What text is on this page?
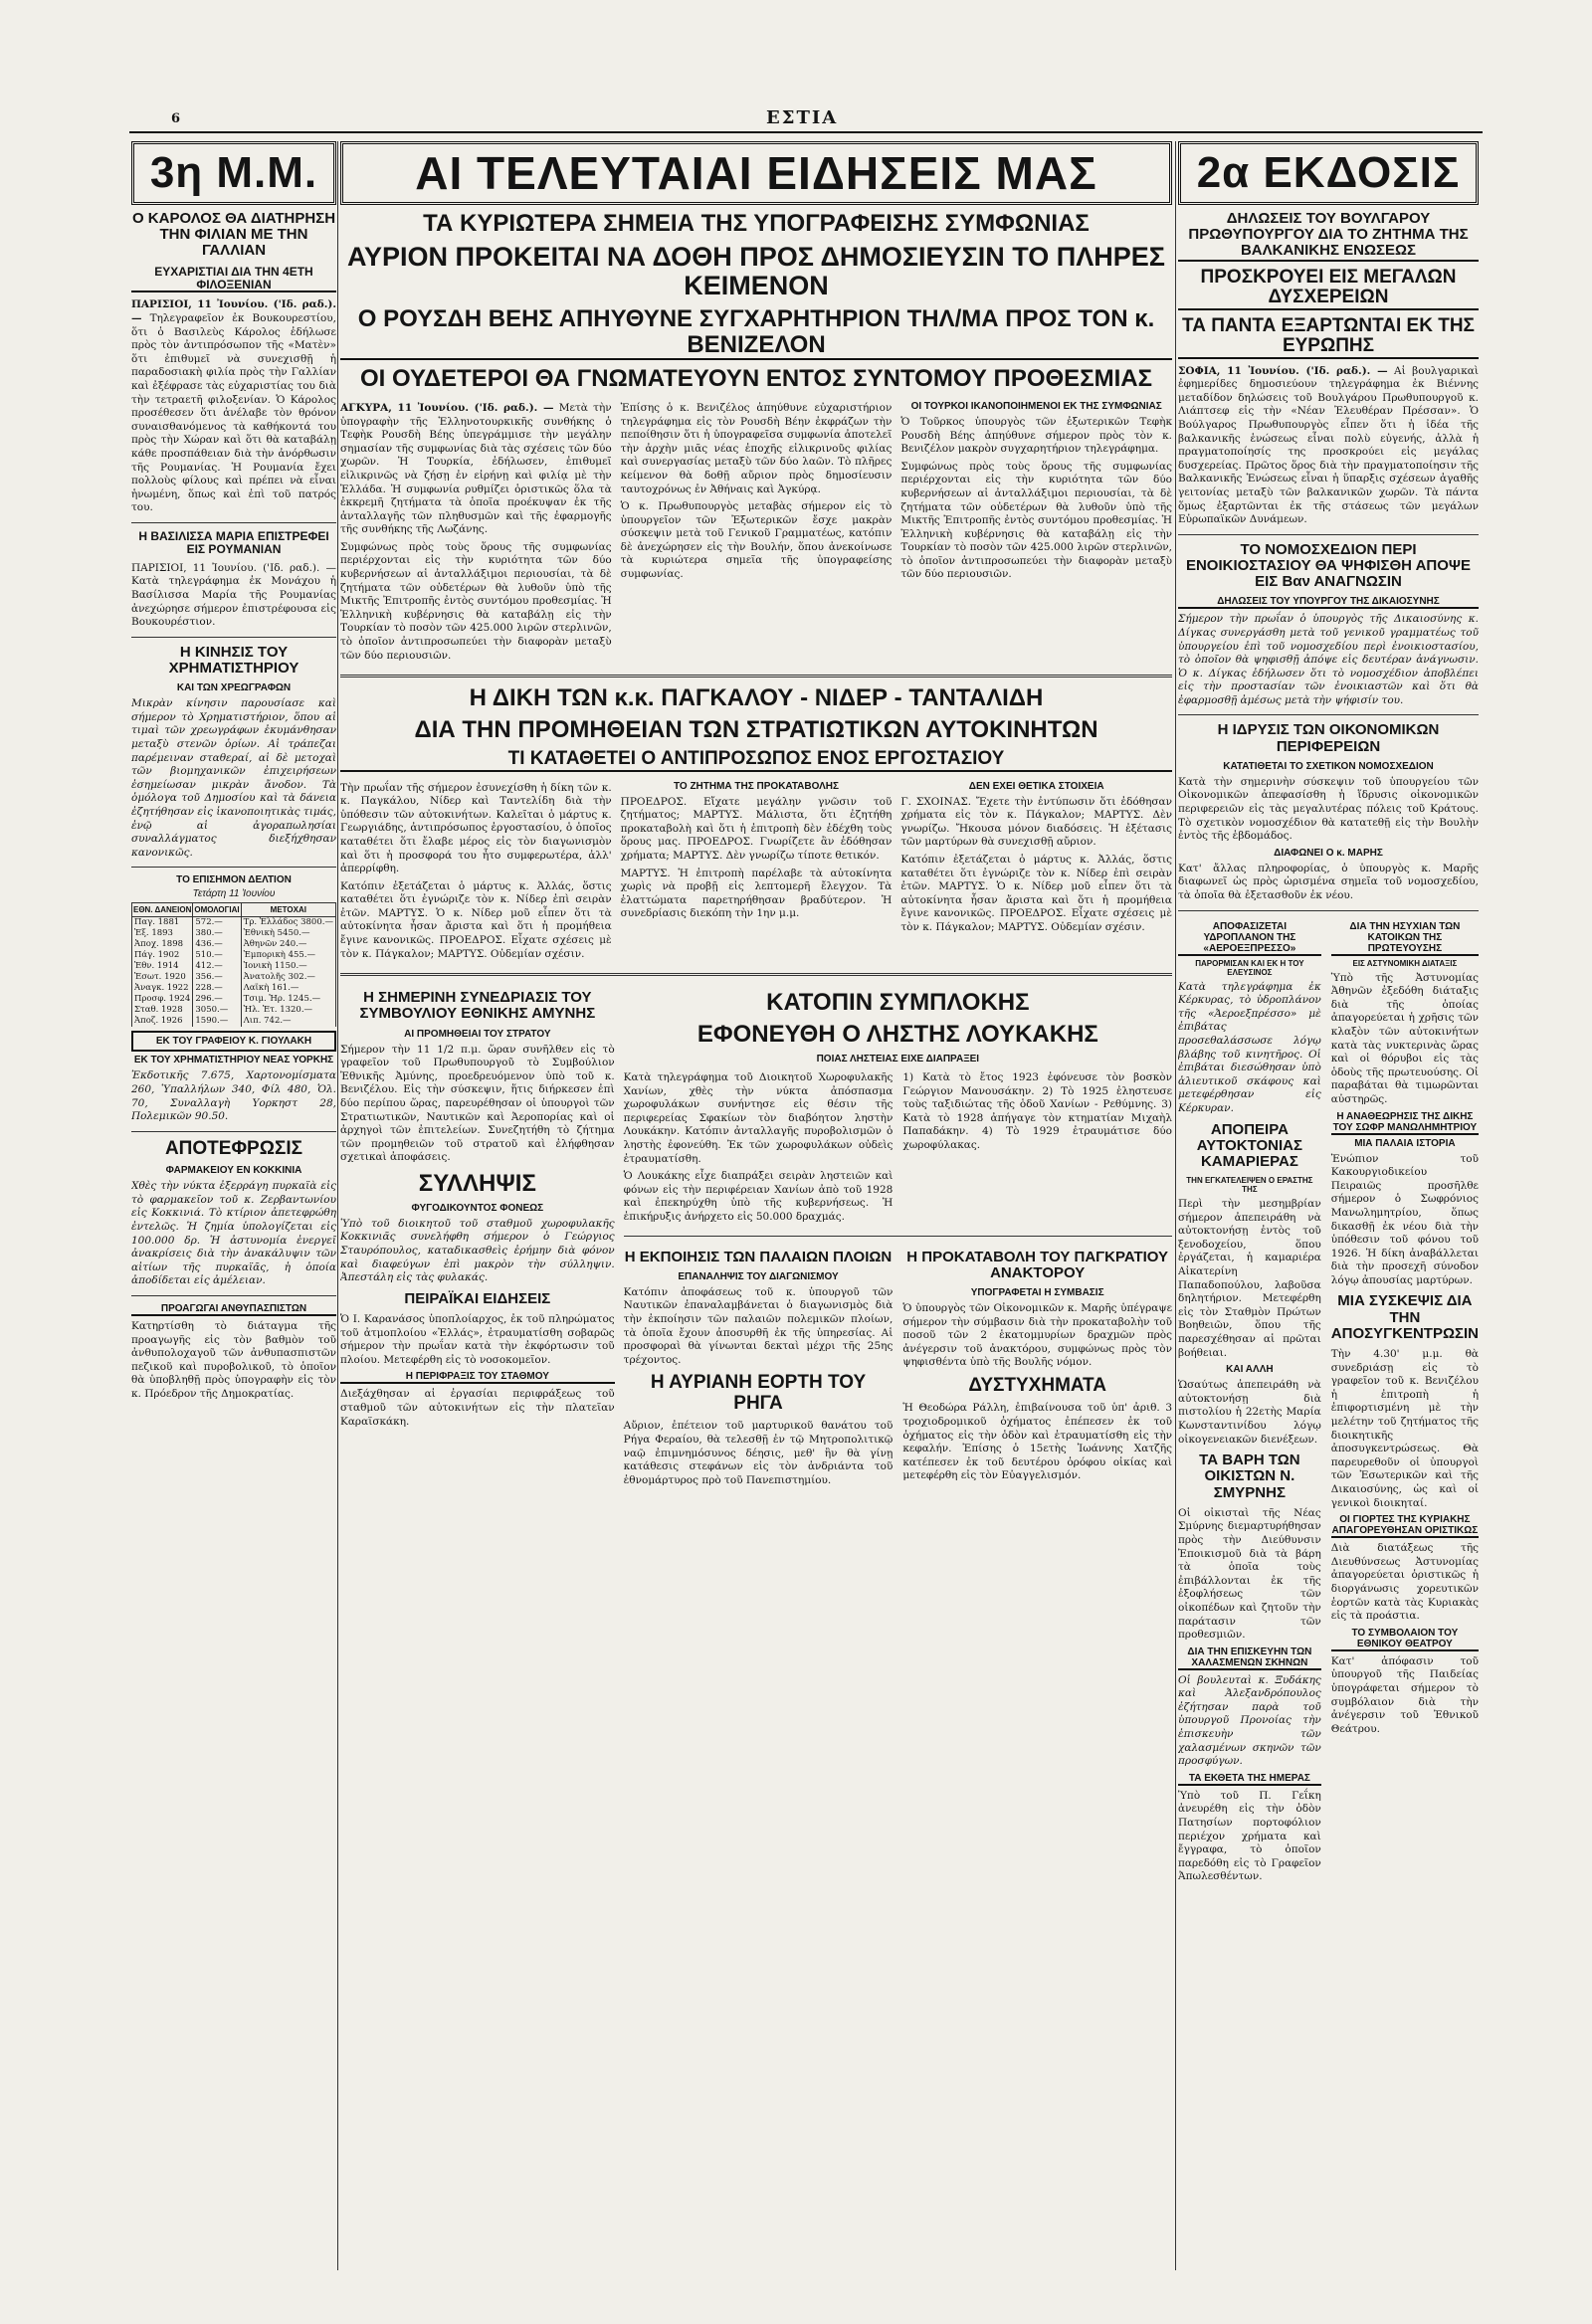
6	ΕΣΤΙΑ
3η Μ.Μ.
Ο ΚΑΡΟΛΟΣ ΘΑ ΔΙΑΤΗΡΗΣΗ ΤΗΝ ΦΙΛΙΑΝ ΜΕ ΤΗΝ ΓΑΛΛΙΑΝ
ΕΥΧΑΡΙΣΤΙΑΙ ΔΙΑ ΤΗΝ 4ΕΤΗ ΦΙΛΟΞΕΝΙΑΝ
ΠΑΡΙΣΙΟΙ, 11 Ἰουνίου. ('Ιδ. ραδ.). — Τηλεγραφεῖον ἐκ Βουκουρεστίου, ὅτι ὁ Βασιλεὺς Κάρολος ἐδήλωσε πρὸς τὸν ἀντιπρόσωπον τῆς «Ματὲν» ὅτι ἐπιθυμεῖ νὰ συνεχισθῇ ἡ παραδοσιακὴ φιλία πρὸς τὴν Γαλλίαν καὶ ἐξέφρασε τὰς εὐχαριστίας του διὰ τὴν τετραετῆ φιλοξενίαν. Ὁ Κάρολος προσέθεσεν ὅτι ἀνέλαβε τὸν θρόνον συναισθανόμενος τὰ καθήκοντά του πρὸς τὴν Χώραν καὶ ὅτι θὰ καταβάλῃ κάθε προσπάθειαν διὰ τὴν ἀνόρθωσιν τῆς Ρουμανίας. Ἡ Ρουμανία ἔχει πολλοὺς φίλους καὶ πρέπει νὰ εἶναι ἡνωμένη, ὅπως καὶ ἐπὶ τοῦ πατρός του.
Η ΒΑΣΙΛΙΣΣΑ ΜΑΡΙΑ ΕΠΙΣΤΡΕΦΕΙ ΕΙΣ ΡΟΥΜΑΝΙΑΝ
ΠΑΡΙΣΙΟΙ, 11 Ἰουνίου. ('Ιδ. ραδ.). — Κατὰ τηλεγράφημα ἐκ Μονάχου ἡ Βασίλισσα Μαρία τῆς Ρουμανίας ἀνεχώρησε σήμερον ἐπιστρέφουσα εἰς Βουκουρέστιον.
Η ΚΙΝΗΣΙΣ ΤΟΥ ΧΡΗΜΑΤΙΣΤΗΡΙΟΥ
ΚΑΙ ΤΩΝ ΧΡΕΩΓΡΑΦΩΝ
Μικρὰν κίνησιν παρουσίασε καὶ σήμερον τὸ Χρηματιστήριον, ὅπου αἱ τιμαὶ τῶν χρεωγράφων ἐκυμάνθησαν μεταξὺ στενῶν ὁρίων. Αἱ τράπεζαι παρέμειναν σταθεραί, αἱ δὲ μετοχαὶ τῶν βιομηχανικῶν ἐπιχειρήσεων ἐσημείωσαν μικρὰν ἄνοδον. Τὰ ὁμόλογα τοῦ Δημοσίου καὶ τὰ δάνεια ἐζητήθησαν εἰς ἱκανοποιητικὰς τιμάς, ἐνῷ αἱ ἀγοραπωλησίαι συναλλάγματος διεξήχθησαν κανονικῶς.
ΤΟ ΕΠΙΣΗΜΟΝ ΔΕΛΤΙΟΝ
Τετάρτη 11 Ἰουνίου
ΕΘΝ. ΔΑΝΕΙΟΝ	ΟΜΟΛΟΓΙΑΙ	ΜΕΤΟΧΑΙ
Παγ. 1881	572.—	Τρ. Ἑλλάδος 3800.—
Ἐξ. 1893	380.—	Ἐθνικὴ 5450.—
Ἀποχ. 1898	436.—	Ἀθηνῶν 240.—
Πάγ. 1902	510.—	Ἐμπορικὴ 455.—
Ἐθν. 1914	412.—	Ἰονικὴ 1150.—
Ἐσωτ. 1920	356.—	Ἀνατολῆς 302.—
Ἀναγκ. 1922	228.—	Λαϊκὴ 161.—
Προσφ. 1924	296.—	Τσιμ. Ἡρ. 1245.—
Σταθ. 1928	3050.—	Ἠλ. Ἑτ. 1320.—
Ἀποζ. 1926	1590.—	Λιπ. 742.—
ΕΚ ΤΟΥ ΓΡΑΦΕΙΟΥ Κ. ΓΙΟΥΛΑΚΗ
ΕΚ ΤΟΥ ΧΡΗΜΑΤΙΣΤΗΡΙΟΥ ΝΕΑΣ ΥΟΡΚΗΣ
Ἐκδοτικῆς 7.675, Χαρτονομίσματα 260, Ὑπαλλήλων 340, Φίλ 480, Ὁλ. 70, Συναλλαγὴ Υορκηστ 28, Πολεμικῶν 90.50.
ΑΠΟΤΕΦΡΩΣΙΣ
ΦΑΡΜΑΚΕΙΟΥ ΕΝ ΚΟΚΚΙΝΙΑ
Χθὲς τὴν νύκτα ἐξερράγη πυρκαϊὰ εἰς τὸ φαρμακεῖον τοῦ κ. Ζερβαντωνίου εἰς Κοκκινιά. Τὸ κτίριον ἀπετεφρώθη ἐντελῶς. Ἡ ζημία ὑπολογίζεται εἰς 100.000 δρ. Ἡ ἀστυνομία ἐνεργεῖ ἀνακρίσεις διὰ τὴν ἀνακάλυψιν τῶν αἰτίων τῆς πυρκαϊᾶς, ἡ ὁποία ἀποδίδεται εἰς ἀμέλειαν.
ΠΡΟΑΓΩΓΑΙ ΑΝΘΥΠΑΣΠΙΣΤΩΝ
Κατηρτίσθη τὸ διάταγμα τῆς προαγωγῆς εἰς τὸν βαθμὸν τοῦ ἀνθυπολοχαγοῦ τῶν ἀνθυπασπιστῶν πεζικοῦ καὶ πυροβολικοῦ, τὸ ὁποῖον θὰ ὑποβληθῇ πρὸς ὑπογραφὴν εἰς τὸν κ. Πρόεδρον τῆς Δημοκρατίας.
ΑΙ ΤΕΛΕΥΤΑΙΑΙ ΕΙΔΗΣΕΙΣ ΜΑΣ
ΤΑ ΚΥΡΙΩΤΕΡΑ ΣΗΜΕΙΑ ΤΗΣ ΥΠΟΓΡΑΦΕΙΣΗΣ ΣΥΜΦΩΝΙΑΣ
ΑΥΡΙΟΝ ΠΡΟΚΕΙΤΑΙ ΝΑ ΔΟΘΗ ΠΡΟΣ ΔΗΜΟΣΙΕΥΣΙΝ ΤΟ ΠΛΗΡΕΣ ΚΕΙΜΕΝΟΝ
Ο ΡΟΥΣΔΗ ΒΕΗΣ ΑΠΗΥΘΥΝΕ ΣΥΓΧΑΡΗΤΗΡΙΟΝ ΤΗΛ/ΜΑ ΠΡΟΣ ΤΟΝ κ. ΒΕΝΙΖΕΛΟΝ
ΟΙ ΟΥΔΕΤΕΡΟΙ ΘΑ ΓΝΩΜΑΤΕΥΟΥΝ ΕΝΤΟΣ ΣΥΝΤΟΜΟΥ ΠΡΟΘΕΣΜΙΑΣ
ΑΓΚΥΡΑ, 11 Ἰουνίου. ('Ιδ. ραδ.). — Μετὰ τὴν ὑπογραφὴν τῆς Ἑλληνοτουρκικῆς συνθήκης ὁ Τεφὴκ Ρουσδὴ Βέης ὑπεγράμμισε τὴν μεγάλην σημασίαν τῆς συμφωνίας διὰ τὰς σχέσεις τῶν δύο χωρῶν. Ἡ Τουρκία, ἐδήλωσεν, ἐπιθυμεῖ εἰλικρινῶς νὰ ζήσῃ ἐν εἰρήνῃ καὶ φιλίᾳ μὲ τὴν Ἑλλάδα. Ἡ συμφωνία ρυθμίζει ὁριστικῶς ὅλα τὰ ἐκκρεμῆ ζητήματα τὰ ὁποῖα προέκυψαν ἐκ τῆς ἀνταλλαγῆς τῶν πληθυσμῶν καὶ τῆς ἐφαρμογῆς τῆς συνθήκης τῆς Λωζάνης.
Συμφώνως πρὸς τοὺς ὅρους τῆς συμφωνίας περιέρχονται εἰς τὴν κυριότητα τῶν δύο κυβερνήσεων αἱ ἀνταλλάξιμοι περιουσίαι, τὰ δὲ ζητήματα τῶν οὐδετέρων θὰ λυθοῦν ὑπὸ τῆς Μικτῆς Ἐπιτροπῆς ἐντὸς συντόμου προθεσμίας. Ἡ Ἑλληνικὴ κυβέρνησις θὰ καταβάλῃ εἰς τὴν Τουρκίαν τὸ ποσὸν τῶν 425.000 λιρῶν στερλινῶν, τὸ ὁποῖον ἀντιπροσωπεύει τὴν διαφορὰν μεταξὺ τῶν δύο περιουσιῶν.
Ἐπίσης ὁ κ. Βενιζέλος ἀπηύθυνε εὐχαριστήριον τηλεγράφημα εἰς τὸν Ρουσδὴ Βέην ἐκφράζων τὴν πεποίθησιν ὅτι ἡ ὑπογραφεῖσα συμφωνία ἀποτελεῖ τὴν ἀρχὴν μιᾶς νέας ἐποχῆς εἰλικρινοῦς φιλίας καὶ συνεργασίας μεταξὺ τῶν δύο λαῶν. Τὸ πλῆρες κείμενον θὰ δοθῇ αὔριον πρὸς δημοσίευσιν ταυτοχρόνως ἐν Ἀθήναις καὶ Ἀγκύρᾳ.
Ὁ κ. Πρωθυπουργὸς μεταβὰς σήμερον εἰς τὸ ὑπουργεῖον τῶν Ἐξωτερικῶν ἔσχε μακρὰν σύσκεψιν μετὰ τοῦ Γενικοῦ Γραμματέως, κατόπιν δὲ ἀνεχώρησεν εἰς τὴν Βουλήν, ὅπου ἀνεκοίνωσε τὰ κυριώτερα σημεῖα τῆς ὑπογραφείσης συμφωνίας.
ΟΙ ΤΟΥΡΚΟΙ ΙΚΑΝΟΠΟΙΗΜΕΝΟΙ ΕΚ ΤΗΣ ΣΥΜΦΩΝΙΑΣ
Ὁ Τοῦρκος ὑπουργὸς τῶν ἐξωτερικῶν Τεφὴκ Ρουσδὴ Βέης ἀπηύθυνε σήμερον πρὸς τὸν κ. Βενιζέλον μακρὸν συγχαρητήριον τηλεγράφημα.
Συμφώνως πρὸς τοὺς ὅρους τῆς συμφωνίας περιέρχονται εἰς τὴν κυριότητα τῶν δύο κυβερνήσεων αἱ ἀνταλλάξιμοι περιουσίαι, τὰ δὲ ζητήματα τῶν οὐδετέρων θὰ λυθοῦν ὑπὸ τῆς Μικτῆς Ἐπιτροπῆς ἐντὸς συντόμου προθεσμίας. Ἡ Ἑλληνικὴ κυβέρνησις θὰ καταβάλῃ εἰς τὴν Τουρκίαν τὸ ποσὸν τῶν 425.000 λιρῶν στερλινῶν, τὸ ὁποῖον ἀντιπροσωπεύει τὴν διαφορὰν μεταξὺ τῶν δύο περιουσιῶν.
Η ΔΙΚΗ ΤΩΝ κ.κ. ΠΑΓΚΑΛΟΥ - ΝΙΔΕΡ - ΤΑΝΤΑΛΙΔΗ
ΔΙΑ ΤΗΝ ΠΡΟΜΗΘΕΙΑΝ ΤΩΝ ΣΤΡΑΤΙΩΤΙΚΩΝ ΑΥΤΟΚΙΝΗΤΩΝ
ΤΙ ΚΑΤΑΘΕΤΕΙ Ο ΑΝΤΙΠΡΟΣΩΠΟΣ ΕΝΟΣ ΕΡΓΟΣΤΑΣΙΟΥ
Τὴν πρωΐαν τῆς σήμερον ἐσυνεχίσθη ἡ δίκη τῶν κ. κ. Παγκάλου, Νίδερ καὶ Ταντελίδη διὰ τὴν ὑπόθεσιν τῶν αὐτοκινήτων. Καλεῖται ὁ μάρτυς κ. Γεωργιάδης, ἀντιπρόσωπος ἐργοστασίου, ὁ ὁποῖος καταθέτει ὅτι ἔλαβε μέρος εἰς τὸν διαγωνισμὸν καὶ ὅτι ἡ προσφορά του ἦτο συμφερωτέρα, ἀλλ' ἀπερρίφθη.
Κατόπιν ἐξετάζεται ὁ μάρτυς κ. Ἀλλάς, ὅστις καταθέτει ὅτι ἐγνώριζε τὸν κ. Νίδερ ἐπὶ σειρὰν ἐτῶν. ΜΑΡΤΥΣ. Ὁ κ. Νίδερ μοῦ εἶπεν ὅτι τὰ αὐτοκίνητα ἦσαν ἄριστα καὶ ὅτι ἡ προμήθεια ἔγινε κανονικῶς. ΠΡΟΕΔΡΟΣ. Εἶχατε σχέσεις μὲ τὸν κ. Πάγκαλον; ΜΑΡΤΥΣ. Οὐδεμίαν σχέσιν.
ΤΟ ΖΗΤΗΜΑ ΤΗΣ ΠΡΟΚΑΤΑΒΟΛΗΣ
ΠΡΟΕΔΡΟΣ. Εἴχατε μεγάλην γνῶσιν τοῦ ζητήματος; ΜΑΡΤΥΣ. Μάλιστα, ὅτι ἐζητήθη προκαταβολὴ καὶ ὅτι ἡ ἐπιτροπὴ δὲν ἐδέχθη τοὺς ὅρους μας. ΠΡΟΕΔΡΟΣ. Γνωρίζετε ἂν ἐδόθησαν χρήματα; ΜΑΡΤΥΣ. Δὲν γνωρίζω τίποτε θετικόν.
ΜΑΡΤΥΣ. Ἡ ἐπιτροπὴ παρέλαβε τὰ αὐτοκίνητα χωρὶς νὰ προβῇ εἰς λεπτομερῆ ἔλεγχον. Τὰ ἐλαττώματα παρετηρήθησαν βραδύτερον. Ἡ συνεδρίασις διεκόπη τὴν 1ην μ.μ.
ΔΕΝ ΕΧΕΙ ΘΕΤΙΚΑ ΣΤΟΙΧΕΙΑ
Γ. ΣΧΟΙΝΑΣ. Ἔχετε τὴν ἐντύπωσιν ὅτι ἐδόθησαν χρήματα εἰς τὸν κ. Πάγκαλον; ΜΑΡΤΥΣ. Δὲν γνωρίζω. Ἤκουσα μόνον διαδόσεις. Ἡ ἐξέτασις τῶν μαρτύρων θὰ συνεχισθῇ αὔριον.
Κατόπιν ἐξετάζεται ὁ μάρτυς κ. Ἀλλάς, ὅστις καταθέτει ὅτι ἐγνώριζε τὸν κ. Νίδερ ἐπὶ σειρὰν ἐτῶν. ΜΑΡΤΥΣ. Ὁ κ. Νίδερ μοῦ εἶπεν ὅτι τὰ αὐτοκίνητα ἦσαν ἄριστα καὶ ὅτι ἡ προμήθεια ἔγινε κανονικῶς. ΠΡΟΕΔΡΟΣ. Εἶχατε σχέσεις μὲ τὸν κ. Πάγκαλον; ΜΑΡΤΥΣ. Οὐδεμίαν σχέσιν.
Η ΣΗΜΕΡΙΝΗ ΣΥΝΕΔΡΙΑΣΙΣ ΤΟΥ ΣΥΜΒΟΥΛΙΟΥ ΕΘΝΙΚΗΣ ΑΜΥΝΗΣ
ΑΙ ΠΡΟΜΗΘΕΙΑΙ ΤΟΥ ΣΤΡΑΤΟΥ
Σήμερον τὴν 11 1/2 π.μ. ὥραν συνῆλθεν εἰς τὸ γραφεῖον τοῦ Πρωθυπουργοῦ τὸ Συμβούλιον Ἐθνικῆς Ἀμύνης, προεδρευόμενον ὑπὸ τοῦ κ. Βενιζέλου. Εἰς τὴν σύσκεψιν, ἥτις διήρκεσεν ἐπὶ δύο περίπου ὥρας, παρευρέθησαν οἱ ὑπουργοὶ τῶν Στρατιωτικῶν, Ναυτικῶν καὶ Ἀεροπορίας καὶ οἱ ἀρχηγοὶ τῶν ἐπιτελείων. Συνεζητήθη τὸ ζήτημα τῶν προμηθειῶν τοῦ στρατοῦ καὶ ἐλήφθησαν σχετικαὶ ἀποφάσεις.
ΣΥΛΛΗΨΙΣ
ΦΥΓΟΔΙΚΟΥΝΤΟΣ ΦΟΝΕΩΣ
Ὑπὸ τοῦ διοικητοῦ τοῦ σταθμοῦ χωροφυλακῆς Κοκκινιᾶς συνελήφθη σήμερον ὁ Γεώργιος Σταυρόπουλος, καταδικασθεὶς ἐρήμην διὰ φόνον καὶ διαφεύγων ἐπὶ μακρὸν τὴν σύλληψιν. Ἀπεστάλη εἰς τὰς φυλακάς.
ΠΕΙΡΑΪΚΑΙ ΕΙΔΗΣΕΙΣ
Ὁ Ι. Καρανάσος ὑποπλοίαρχος, ἐκ τοῦ πληρώματος τοῦ ἀτμοπλοίου «Ἑλλάς», ἐτραυματίσθη σοβαρῶς σήμερον τὴν πρωΐαν κατὰ τὴν ἐκφόρτωσιν τοῦ πλοίου. Μετεφέρθη εἰς τὸ νοσοκομεῖον.
Η ΠΕΡΙΦΡΑΞΙΣ ΤΟΥ ΣΤΑΘΜΟΥ
Διεξάχθησαν αἱ ἐργασίαι περιφράξεως τοῦ σταθμοῦ τῶν αὐτοκινήτων εἰς τὴν πλατεῖαν Καραϊσκάκη.
ΚΑΤΟΠΙΝ ΣΥΜΠΛΟΚΗΣ
ΕΦΟΝΕΥΘΗ Ο ΛΗΣΤΗΣ ΛΟΥΚΑΚΗΣ
ΠΟΙΑΣ ΛΗΣΤΕΙΑΣ ΕΙΧΕ ΔΙΑΠΡΑΞΕΙ
Κατὰ τηλεγράφημα τοῦ Διοικητοῦ Χωροφυλακῆς Χανίων, χθὲς τὴν νύκτα ἀπόσπασμα χωροφυλάκων συνήντησε εἰς θέσιν τῆς περιφερείας Σφακίων τὸν διαβόητον ληστὴν Λουκάκην. Κατόπιν ἀνταλλαγῆς πυροβολισμῶν ὁ ληστὴς ἐφονεύθη. Ἐκ τῶν χωροφυλάκων οὐδεὶς ἐτραυματίσθη.
Ὁ Λουκάκης εἶχε διαπράξει σειρὰν ληστειῶν καὶ φόνων εἰς τὴν περιφέρειαν Χανίων ἀπὸ τοῦ 1928 καὶ ἐπεκηρύχθη ὑπὸ τῆς κυβερνήσεως. Ἡ ἐπικήρυξις ἀνήρχετο εἰς 50.000 δραχμάς.
1) Κατὰ τὸ ἔτος 1923 ἐφόνευσε τὸν βοσκὸν Γεώργιον Μανουσάκην. 2) Τὸ 1925 ἐληστευσε τοὺς ταξιδιώτας τῆς ὁδοῦ Χανίων - Ρεθύμνης. 3) Κατὰ τὸ 1928 ἀπήγαγε τὸν κτηματίαν Μιχαὴλ Παπαδάκην. 4) Τὸ 1929 ἐτραυμάτισε δύο χωροφύλακας.
Η ΕΚΠΟΙΗΣΙΣ ΤΩΝ ΠΑΛΑΙΩΝ ΠΛΟΙΩΝ
ΕΠΑΝΑΛΗΨΙΣ ΤΟΥ ΔΙΑΓΩΝΙΣΜΟΥ
Κατόπιν ἀποφάσεως τοῦ κ. ὑπουργοῦ τῶν Ναυτικῶν ἐπαναλαμβάνεται ὁ διαγωνισμὸς διὰ τὴν ἐκποίησιν τῶν παλαιῶν πολεμικῶν πλοίων, τὰ ὁποῖα ἔχουν ἀποσυρθῆ ἐκ τῆς ὑπηρεσίας. Αἱ προσφοραὶ θὰ γίνωνται δεκταὶ μέχρι τῆς 25ης τρέχοντος.
Η ΑΥΡΙΑΝΗ ΕΟΡΤΗ ΤΟΥ ΡΗΓΑ
Αὔριον, ἐπέτειον τοῦ μαρτυρικοῦ θανάτου τοῦ Ρήγα Φεραίου, θὰ τελεσθῇ ἐν τῷ Μητροπολιτικῷ ναῷ ἐπιμνημόσυνος δέησις, μεθ' ἣν θὰ γίνῃ κατάθεσις στεφάνων εἰς τὸν ἀνδριάντα τοῦ ἐθνομάρτυρος πρὸ τοῦ Πανεπιστημίου.
Η ΠΡΟΚΑΤΑΒΟΛΗ ΤΟΥ ΠΑΓΚΡΑΤΙΟΥ ΑΝΑΚΤΟΡΟΥ
ΥΠΟΓΡΑΦΕΤΑΙ Η ΣΥΜΒΑΣΙΣ
Ὁ ὑπουργὸς τῶν Οἰκονομικῶν κ. Μαρῆς ὑπέγραψε σήμερον τὴν σύμβασιν διὰ τὴν προκαταβολὴν τοῦ ποσοῦ τῶν 2 ἑκατομμυρίων δραχμῶν πρὸς ἀνέγερσιν τοῦ ἀνακτόρου, συμφώνως πρὸς τὸν ψηφισθέντα ὑπὸ τῆς Βουλῆς νόμον.
ΔΥΣΤΥΧΗΜΑΤΑ
Ἡ Θεοδώρα Ράλλη, ἐπιβαίνουσα τοῦ ὑπ' ἀριθ. 3 τροχιοδρομικοῦ ὀχήματος ἐπέπεσεν ἐκ τοῦ ὀχήματος εἰς τὴν ὁδὸν καὶ ἐτραυματίσθη εἰς τὴν κεφαλήν. Ἐπίσης ὁ 15ετὴς Ἰωάννης Χατζῆς κατέπεσεν ἐκ τοῦ δευτέρου ὀρόφου οἰκίας καὶ μετεφέρθη εἰς τὸν Εὐαγγελισμόν.
2α ΕΚΔΟΣΙΣ
ΔΗΛΩΣΕΙΣ ΤΟΥ ΒΟΥΛΓΑΡΟΥ ΠΡΩΘΥΠΟΥΡΓΟΥ ΔΙΑ ΤΟ ΖΗΤΗΜΑ ΤΗΣ ΒΑΛΚΑΝΙΚΗΣ ΕΝΩΣΕΩΣ
ΠΡΟΣΚΡΟΥΕΙ ΕΙΣ ΜΕΓΑΛΩΝ ΔΥΣΧΕΡΕΙΩΝ
ΤΑ ΠΑΝΤΑ ΕΞΑΡΤΩΝΤΑΙ ΕΚ ΤΗΣ ΕΥΡΩΠΗΣ
ΣΟΦΙΑ, 11 Ἰουνίου. ('Ιδ. ραδ.). — Αἱ βουλγαρικαὶ ἐφημερίδες δημοσιεύουν τηλεγράφημα ἐκ Βιέννης μεταδίδον δηλώσεις τοῦ Βουλγάρου Πρωθυπουργοῦ κ. Λιάπτσεφ εἰς τὴν «Νέαν Ἐλευθέραν Πρέσσαν». Ὁ Βούλγαρος Πρωθυπουργὸς εἶπεν ὅτι ἡ ἰδέα τῆς βαλκανικῆς ἑνώσεως εἶναι πολὺ εὐγενής, ἀλλὰ ἡ πραγματοποίησίς της προσκρούει εἰς μεγάλας δυσχερείας. Πρῶτος ὅρος διὰ τὴν πραγματοποίησιν τῆς Βαλκανικῆς Ἑνώσεως εἶναι ἡ ὕπαρξις σχέσεων ἀγαθῆς γειτονίας μεταξὺ τῶν βαλκανικῶν χωρῶν. Τὰ πάντα ὅμως ἐξαρτῶνται ἐκ τῆς στάσεως τῶν μεγάλων Εὐρωπαϊκῶν Δυνάμεων.
ΤΟ ΝΟΜΟΣΧΕΔΙΟΝ ΠΕΡΙ ΕΝΟΙΚΙΟΣΤΑΣΙΟΥ ΘΑ ΨΗΦΙΣΘΗ ΑΠΟΨΕ ΕΙΣ Βαν ΑΝΑΓΝΩΣΙΝ
ΔΗΛΩΣΕΙΣ ΤΟΥ ΥΠΟΥΡΓΟΥ ΤΗΣ ΔΙΚΑΙΟΣΥΝΗΣ
Σήμερον τὴν πρωΐαν ὁ ὑπουργὸς τῆς Δικαιοσύνης κ. Δίγκας συνεργάσθη μετὰ τοῦ γενικοῦ γραμματέως τοῦ ὑπουργείου ἐπὶ τοῦ νομοσχεδίου περὶ ἐνοικιοστασίου, τὸ ὁποῖον θὰ ψηφισθῇ ἀπόψε εἰς δευτέραν ἀνάγνωσιν. Ὁ κ. Δίγκας ἐδήλωσεν ὅτι τὸ νομοσχέδιον ἀποβλέπει εἰς τὴν προστασίαν τῶν ἐνοικιαστῶν καὶ ὅτι θὰ ἐφαρμοσθῇ ἀμέσως μετὰ τὴν ψήφισίν του.
Η ΙΔΡΥΣΙΣ ΤΩΝ ΟΙΚΟΝΟΜΙΚΩΝ ΠΕΡΙΦΕΡΕΙΩΝ
ΚΑΤΑΤΙΘΕΤΑΙ ΤΟ ΣΧΕΤΙΚΟΝ ΝΟΜΟΣΧΕΔΙΟΝ
Κατὰ τὴν σημερινὴν σύσκεψιν τοῦ ὑπουργείου τῶν Οἰκονομικῶν ἀπεφασίσθη ἡ ἵδρυσις οἰκονομικῶν περιφερειῶν εἰς τὰς μεγαλυτέρας πόλεις τοῦ Κράτους. Τὸ σχετικὸν νομοσχέδιον θὰ κατατεθῇ εἰς τὴν Βουλὴν ἐντὸς τῆς ἑβδομάδος.
ΔΙΑΦΩΝΕΙ Ο κ. ΜΑΡΗΣ
Κατ' ἄλλας πληροφορίας, ὁ ὑπουργὸς κ. Μαρῆς διαφωνεῖ ὡς πρὸς ὡρισμένα σημεῖα τοῦ νομοσχεδίου, τὰ ὁποῖα θὰ ἐξετασθοῦν ἐκ νέου.
ΑΠΟΦΑΣΙΖΕΤΑΙ ΥΔΡΟΠΛΑΝΟΝ ΤΗΣ «ΑΕΡΟΕΞΠΡΕΣΣΟ»
ΠΑΡΟΡΜΙΣΑΝ ΚΑΙ ΕΚ Η ΤΟΥ ΕΛΕΥΣΙΝΟΣ
Κατὰ τηλεγράφημα ἐκ Κέρκυρας, τὸ ὑδροπλάνον τῆς «Ἀεροεξπρέσσο» μὲ ἐπιβάτας προσεθαλάσσωσε λόγῳ βλάβης τοῦ κινητῆρος. Οἱ ἐπιβάται διεσώθησαν ὑπὸ ἁλιευτικοῦ σκάφους καὶ μετεφέρθησαν εἰς Κέρκυραν.
ΑΠΟΠΕΙΡΑ ΑΥΤΟΚΤΟΝΙΑΣ ΚΑΜΑΡΙΕΡΑΣ
ΤΗΝ ΕΓΚΑΤΕΛΕΙΨΕΝ Ο ΕΡΑΣΤΗΣ ΤΗΣ
Περὶ τὴν μεσημβρίαν σήμερον ἀπεπειράθη νὰ αὐτοκτονήσῃ ἐντὸς τοῦ ξενοδοχείου, ὅπου ἐργάζεται, ἡ καμαριέρα Αἰκατερίνη Παπαδοπούλου, λαβοῦσα δηλητήριον. Μετεφέρθη εἰς τὸν Σταθμὸν Πρώτων Βοηθειῶν, ὅπου τῆς παρεσχέθησαν αἱ πρῶται βοήθειαι.
ΚΑΙ ΑΛΛΗ
Ὡσαύτως ἀπεπειράθη νὰ αὐτοκτονήσῃ διὰ πιστολίου ἡ 22ετὴς Μαρία Κωνσταντινίδου λόγῳ οἰκογενειακῶν διενέξεων.
ΤΑ ΒΑΡΗ ΤΩΝ ΟΙΚΙΣΤΩΝ Ν. ΣΜΥΡΝΗΣ
Οἱ οἰκισταὶ τῆς Νέας Σμύρνης διεμαρτυρήθησαν πρὸς τὴν Διεύθυνσιν Ἐποικισμοῦ διὰ τὰ βάρη τὰ ὁποῖα τοὺς ἐπιβάλλονται ἐκ τῆς ἐξοφλήσεως τῶν οἰκοπέδων καὶ ζητοῦν τὴν παράτασιν τῶν προθεσμιῶν.
ΔΙΑ ΤΗΝ ΕΠΙΣΚΕΥΗΝ ΤΩΝ ΧΑΛΑΣΜΕΝΩΝ ΣΚΗΝΩΝ
Οἱ βουλευταὶ κ. Ξυδάκης καὶ Ἀλεξανδρόπουλος ἐζήτησαν παρὰ τοῦ ὑπουργοῦ Προνοίας τὴν ἐπισκευὴν τῶν χαλασμένων σκηνῶν τῶν προσφύγων.
ΤΑ ΕΚΘΕΤΑ ΤΗΣ ΗΜΕΡΑΣ
Ὑπὸ τοῦ Π. Γεΐκη ἀνευρέθη εἰς τὴν ὁδὸν Πατησίων πορτοφόλιον περιέχον χρήματα καὶ ἔγγραφα, τὸ ὁποῖον παρεδόθη εἰς τὸ Γραφεῖον Ἀπωλεσθέντων.
ΔΙΑ ΤΗΝ ΗΣΥΧΙΑΝ ΤΩΝ ΚΑΤΟΙΚΩΝ ΤΗΣ ΠΡΩΤΕΥΟΥΣΗΣ
ΕΙΣ ΑΣΤΥΝΟΜΙΚΗ ΔΙΑΤΑΞΙΣ
Ὑπὸ τῆς Ἀστυνομίας Ἀθηνῶν ἐξεδόθη διάταξις διὰ τῆς ὁποίας ἀπαγορεύεται ἡ χρῆσις τῶν κλαξὸν τῶν αὐτοκινήτων κατὰ τὰς νυκτερινὰς ὥρας καὶ οἱ θόρυβοι εἰς τὰς ὁδοὺς τῆς πρωτευούσης. Οἱ παραβάται θὰ τιμωρῶνται αὐστηρῶς.
Η ΑΝΑΘΕΩΡΗΣΙΣ ΤΗΣ ΔΙΚΗΣ ΤΟΥ ΣΩΦΡ ΜΑΝΩΛΗΜΗΤΡΙΟΥ
ΜΙΑ ΠΑΛΑΙΑ ΙΣΤΟΡΙΑ
Ἐνώπιον τοῦ Κακουργιοδικείου Πειραιῶς προσῆλθε σήμερον ὁ Σωφρόνιος Μανωλημητρίου, ὅπως δικασθῇ ἐκ νέου διὰ τὴν ὑπόθεσιν τοῦ φόνου τοῦ 1926. Ἡ δίκη ἀναβάλλεται διὰ τὴν προσεχῆ σύνοδον λόγῳ ἀπουσίας μαρτύρων.
ΜΙΑ ΣΥΣΚΕΨΙΣ ΔΙΑ ΤΗΝ ΑΠΟΣΥΓΚΕΝΤΡΩΣΙΝ
Τὴν 4.30' μ.μ. θὰ συνεδριάσῃ εἰς τὸ γραφεῖον τοῦ κ. Βενιζέλου ἡ ἐπιτροπὴ ἡ ἐπιφορτισμένη μὲ τὴν μελέτην τοῦ ζητήματος τῆς διοικητικῆς ἀποσυγκεντρώσεως. Θὰ παρευρεθοῦν οἱ ὑπουργοὶ τῶν Ἐσωτερικῶν καὶ τῆς Δικαιοσύνης, ὡς καὶ οἱ γενικοὶ διοικηταί.
ΟΙ ΓΙΟΡΤΕΣ ΤΗΣ ΚΥΡΙΑΚΗΣ ΑΠΑΓΟΡΕΥΘΗΣΑΝ ΟΡΙΣΤΙΚΩΣ
Διὰ διατάξεως τῆς Διευθύνσεως Ἀστυνομίας ἀπαγορεύεται ὁριστικῶς ἡ διοργάνωσις χορευτικῶν ἑορτῶν κατὰ τὰς Κυριακὰς εἰς τὰ προάστια.
ΤΟ ΣΥΜΒΟΛΑΙΟΝ ΤΟΥ ΕΘΝΙΚΟΥ ΘΕΑΤΡΟΥ
Κατ' ἀπόφασιν τοῦ ὑπουργοῦ τῆς Παιδείας ὑπογράφεται σήμερον τὸ συμβόλαιον διὰ τὴν ἀνέγερσιν τοῦ Ἐθνικοῦ Θεάτρου.
